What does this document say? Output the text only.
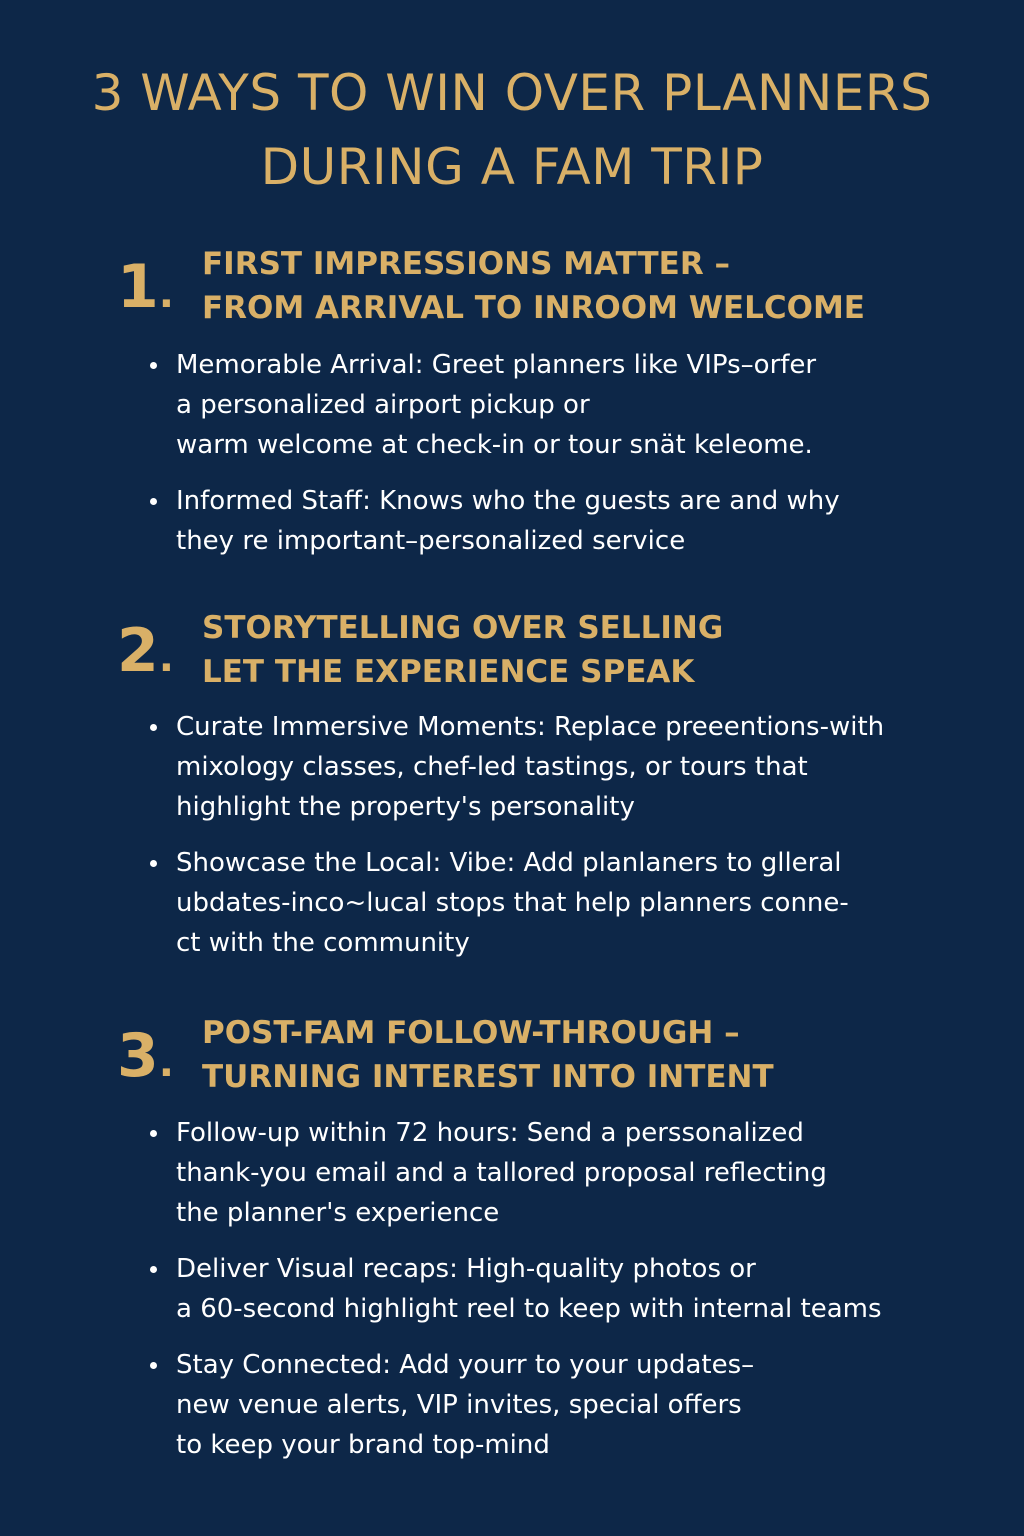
3 WAYS TO WIN OVER PLANNERS
DURING A FAM TRIP
1.
FIRST IMPRESSIONS MATTER –
FROM ARRIVAL TO INROOM WELCOME
Memorable Arrival: Greet planners like VIPs–orfer
a personalized airport pickup or
warm welcome at check-in or tour snät keleome.
Informed Staff: Knows who the guests are and why
they re important–personalized service
2.
STORYTELLING OVER SELLING
LET THE EXPERIENCE SPEAK
Curate Immersive Moments: Replace preeentions-with
mixology classes, chef-led tastings, or tours that
highlight the property's personality
Showcase the Local: Vibe: Add planlaners to glleral
ubdates-inco~lucal stops that help planners conne-
ct with the community
3.
POST-FAM FOLLOW-THROUGH –
TURNING INTEREST INTO INTENT
Follow-up within 72 hours: Send a perssonalized
thank-you email and a tallored proposal reflecting
the planner's experience
Deliver Visual recaps: High-quality photos or
a 60-second highlight reel to keep with internal teams
Stay Connected: Add yourr to your updates–
new venue alerts, VIP invites, special offers
to keep your brand top-mind
